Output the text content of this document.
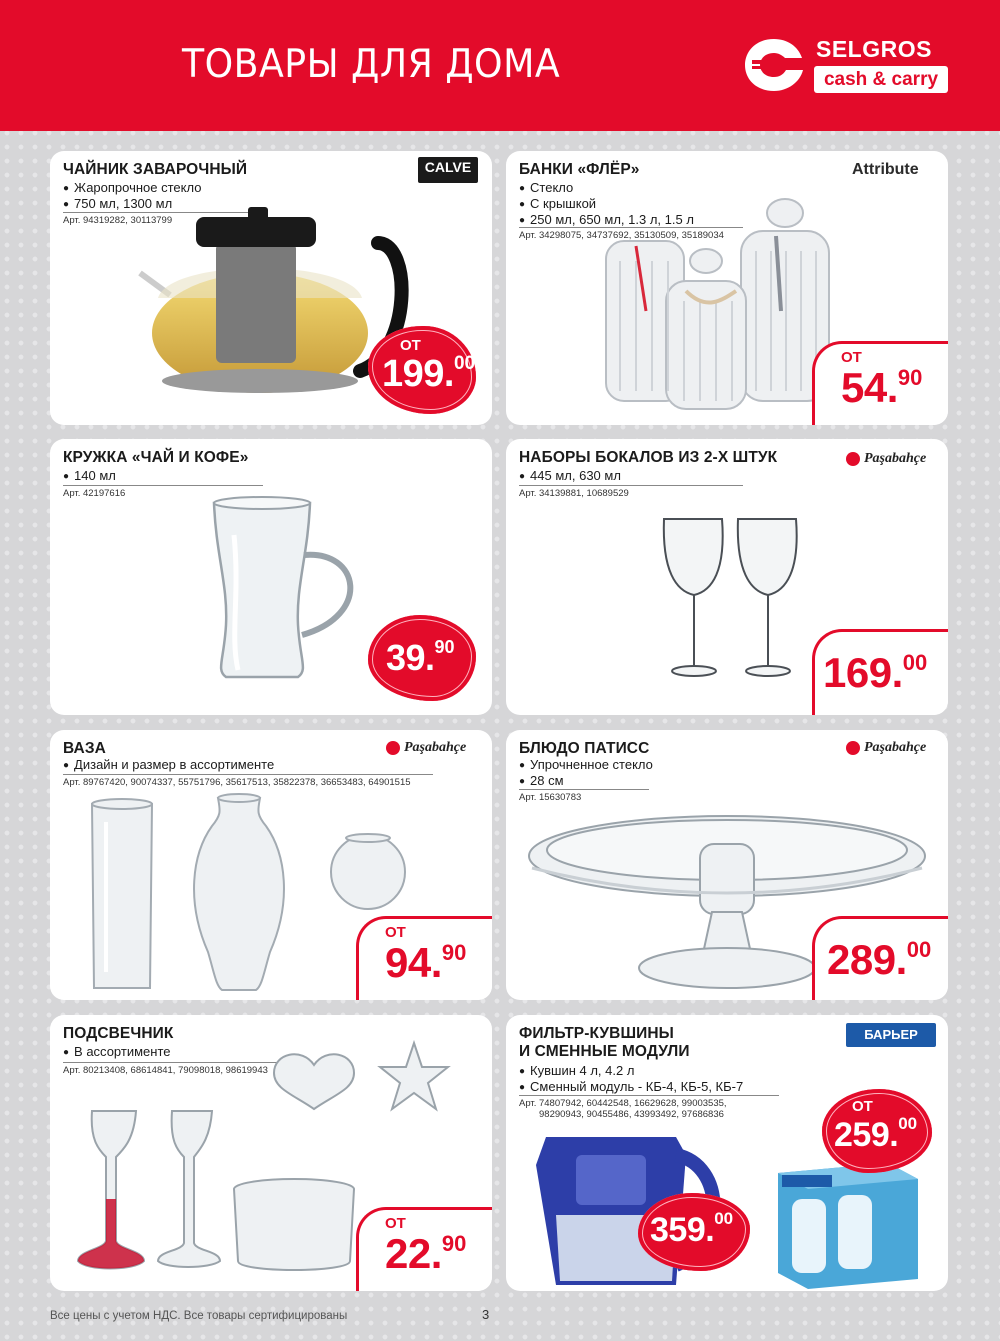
ТОВАРЫ ДЛЯ ДОМА	SELGROS
cash & carry
ЧАЙНИК ЗАВАРОЧНЫЙ
● Жаропрочное стекло
● 750 мл, 1300 мл
Арт. 94319282, 30113799
CALVE
ОТ
199.00
БАНКИ «ФЛЁР»
● Стекло
● С крышкой
● 250 мл, 650 мл, 1.3 л, 1.5 л
Арт. 34298075, 34737692, 35130509, 35189034
Attribute
ОТ
54.90
КРУЖКА «ЧАЙ И КОФЕ»
● 140 мл
Арт. 42197616
39.90
НАБОРЫ БОКАЛОВ ИЗ 2-Х ШТУК
● 445 мл, 630 мл
Арт. 34139881, 10689529
Paşabahçe
169.00
ВАЗА
● Дизайн и размер в ассортименте
Арт. 89767420, 90074337, 55751796, 35617513, 35822378, 36653483, 64901515
Paşabahçe
ОТ
94.90
БЛЮДО ПАТИСС
● Упрочненное стекло
● 28 см
Арт. 15630783
Paşabahçe
289.00
ПОДСВЕЧНИК
● В ассортименте
Арт. 80213408, 68614841, 79098018, 98619943
ОТ
22.90
ФИЛЬТР-КУВШИНЫ
И СМЕННЫЕ МОДУЛИ
● Кувшин 4 л, 4.2 л
● Сменный модуль - КБ-4, КБ-5, КБ-7
Арт. 74807942, 60442548, 16629628, 99003535,
98290943, 90455486, 43993492, 97686836
БАРЬЕР
ОТ
259.00
359.00
Все цены с учетом НДС. Все товары сертифицированы	3
